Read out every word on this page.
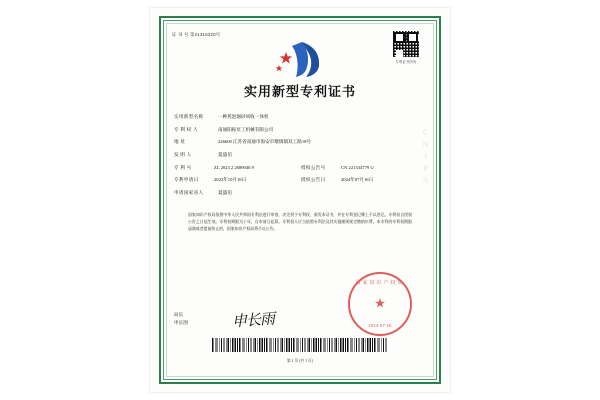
CNIPA
证 书 号 第21316320号
专利证书防伪
实用新型专利证书
实用新型名称	一种蕉泡烟砂回收一体机
专 利 权 人	南通阳振泵工机械有限公司
地 址	226600 江苏省南通市海安市墩镇镇双工路18号
发 明 人	夏盛伯
专 利 号	ZL 2023 2 2689040.9	授权公告号	CN 221334779 U
专利申请日	2023年10月19日	授权公告日	2024年07月16日
申请国家省人	夏盛伯
国家知识产权局依照中华人民共和国专利法进行审查，决定授予专利权，颁发本证书，并在专利登记簿上予以登记。专利权自授权公告之日起生效。专利权期限为十年，自申请日起算。专利权人应当依照专利法及其实施细则规定缴纳年费。本专利的专利权期限届满或者提前终止的，国家知识产权局将予以公告。
局长
申长图	申长雨
国家知识产权局
★
2024-07-16
第 1 页 (共 1 页)
